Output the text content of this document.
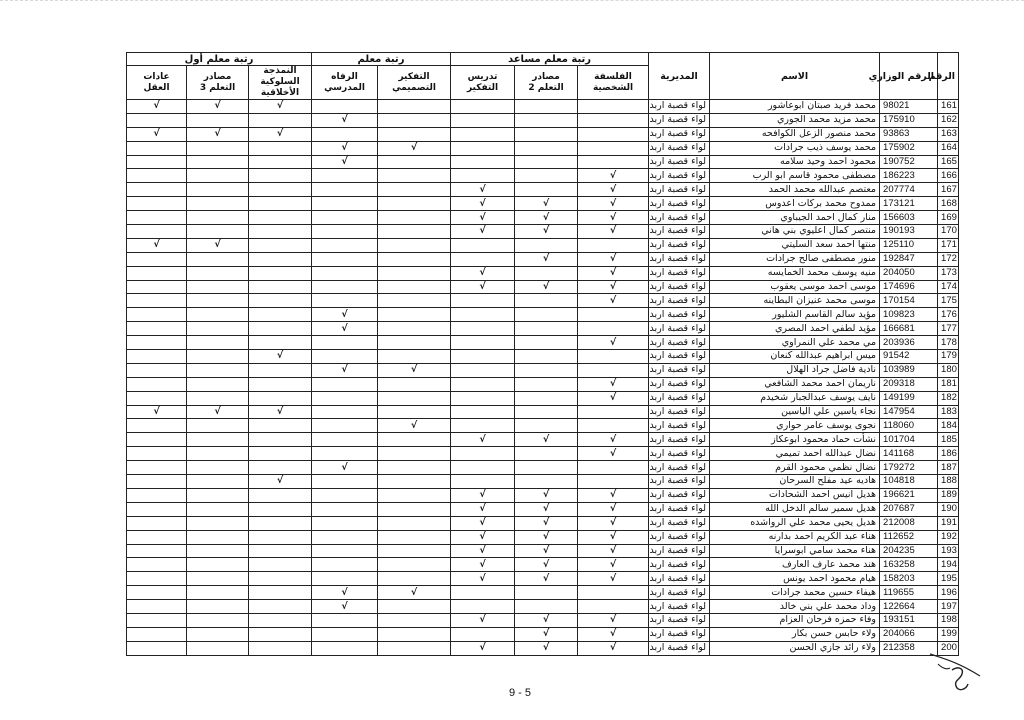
الرقم	الرقم الوزاري	الاسم	المديرية	رتبة معلم مساعد			رتبة معلم		رتبة معلم أول		
				الفلسفة الشخصية	مصادر التعلم 2	تدريس التفكير	التفكير التصميمي	الرفاه المدرسي	النمذجة السلوكية الأخلاقية	مصادر التعلم 3	عادات العقل
161	98021	محمد فريد صبتان ابوعاشور	لواء قصبة اربد						√	√	√
162	175910	محمد مزيد محمد الجوري	لواء قصبة اربد					√			
163	93863	محمد منصور الزعل الكوافحه	لواء قصبة اربد						√	√	√
164	175902	محمد يوسف ذيب جرادات	لواء قصبة اربد				√	√			
165	190752	محمود احمد وحيد سلامه	لواء قصبة اربد					√			
166	186223	مصطفى محمود قاسم ابو الرب	لواء قصبة اربد	√							
167	207774	معتصم عبدالله محمد الحمد	لواء قصبة اربد	√		√					
168	173121	ممدوح محمد بركات اعدوس	لواء قصبة اربد	√	√	√					
169	156603	منار كمال احمد الجيباوي	لواء قصبة اربد	√	√	√					
170	190193	منتصر كمال اعليوي بني هاني	لواء قصبة اربد	√	√	√					
171	125110	منتها احمد سعد السليتي	لواء قصبة اربد							√	√
172	192847	منور مصطفى صالح جرادات	لواء قصبة اربد	√	√						
173	204050	منيه يوسف محمد الخمايسه	لواء قصبة اربد	√		√					
174	174696	موسى احمد موسى يعقوب	لواء قصبة اربد	√	√	√					
175	170154	موسى محمد عنيزان البطاينه	لواء قصبة اربد	√							
176	109823	مؤيد سالم القاسم الشليور	لواء قصبة اربد					√			
177	166681	مؤيد لطفي احمد المصري	لواء قصبة اربد					√			
178	203936	مي محمد علي النمراوي	لواء قصبة اربد	√							
179	91542	ميس ابراهيم عبدالله كنعان	لواء قصبة اربد						√		
180	103989	نادية فاضل جراد الهلال	لواء قصبة اربد				√	√			
181	209318	ناريمان احمد محمد الشافعي	لواء قصبة اربد	√							
182	149199	نايف يوسف عبدالجبار شخيدم	لواء قصبة اربد	√							
183	147954	نجاء ياسين علي الياسين	لواء قصبة اربد						√	√	√
184	118060	نجوى يوسف عامر حواري	لواء قصبة اربد				√				
185	101704	نشأت حماد محمود ابوعكاز	لواء قصبة اربد	√	√	√					
186	141168	نضال عبدالله احمد تميمي	لواء قصبة اربد	√							
187	179272	نضال نظمي محمود القرم	لواء قصبة اربد					√			
188	104818	هاديه عيد مفلح السرحان	لواء قصبة اربد						√		
189	196621	هديل انيس احمد الشحادات	لواء قصبة اربد	√	√	√					
190	207687	هديل سمير سالم الدخل الله	لواء قصبة اربد	√	√	√					
191	212008	هديل يحيى محمد علي الرواشده	لواء قصبة اربد	√	√	√					
192	112652	هناء عبد الكريم احمد بدارنه	لواء قصبة اربد	√	√	√					
193	204235	هناء محمد سامي ابوسرايا	لواء قصبة اربد	√	√	√					
194	163258	هند محمد عارف العارف	لواء قصبة اربد	√	√	√					
195	158203	هيام محمود احمد يونس	لواء قصبة اربد	√	√	√					
196	119655	هيفاء حسين محمد جرادات	لواء قصبة اربد				√	√			
197	122664	وداد محمد علي بني خالد	لواء قصبة اربد					√			
198	193151	وفاء حمزه فرحان العزام	لواء قصبة اربد	√	√	√					
199	204066	ولاء حابس حسن بكار	لواء قصبة اربد	√	√						
200	212358	ولاء رائد جازي الحسن	لواء قصبة اربد	√	√	√					
9 - 5
